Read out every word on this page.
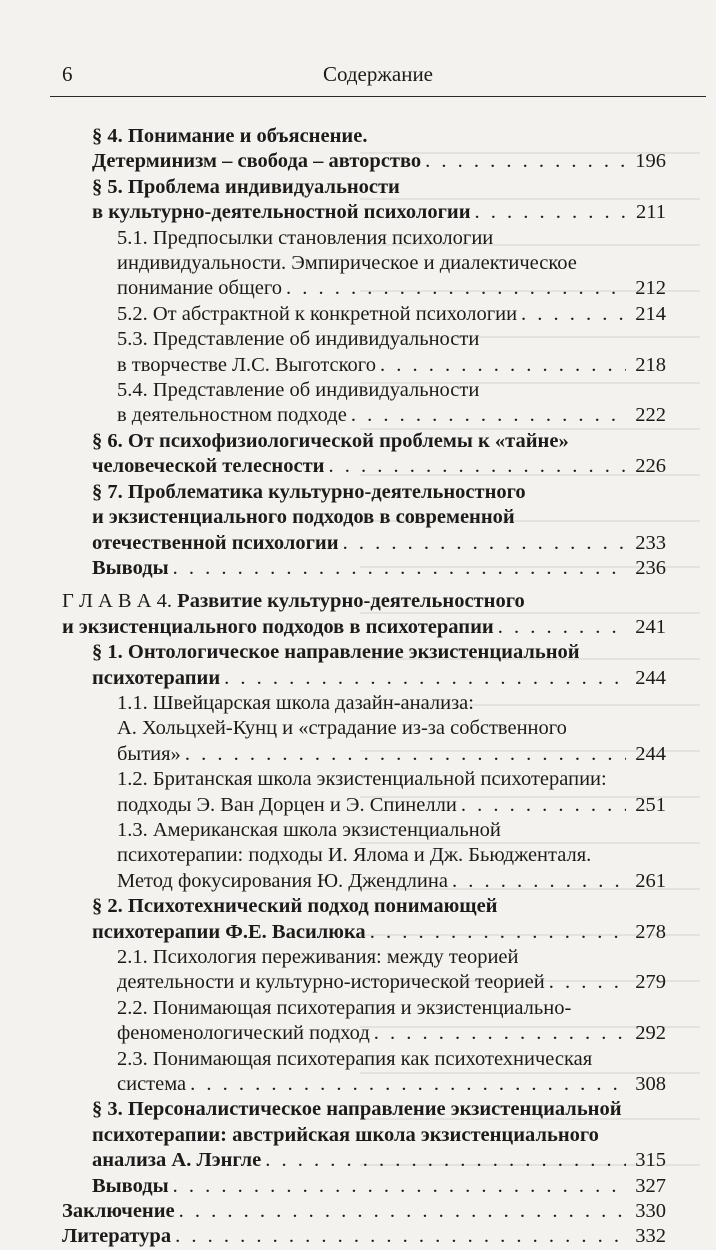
6	Содержание
§ 4. Понимание и объяснение.
Детерминизм – свобода – авторство . . .	196
§ 5. Проблема индивидуальности
в культурно-деятельностной психологии . . .	211
5.1. Предпосылки становления психологии
индивидуальности. Эмпирическое и диалектическое
понимание общего . . .	212
5.2. От абстрактной к конкретной психологии . . .	214
5.3. Представление об индивидуальности
в творчестве Л.С. Выготского . . .	218
5.4. Представление об индивидуальности
в деятельностном подходе . . .	222
§ 6. От психофизиологической проблемы к «тайне»
человеческой телесности . . .	226
§ 7. Проблематика культурно-деятельностного
и экзистенциального подходов в современной
отечественной психологии . . .	233
Выводы . . .	236
Г Л А В А 4. Развитие культурно-деятельностного
и экзистенциального подходов в психотерапии . . .	241
§ 1. Онтологическое направление экзистенциальной
психотерапии . . .	244
1.1. Швейцарская школа дазайн-анализа:
А. Хольцхей-Кунц и «страдание из-за собственного
бытия» . . .	244
1.2. Британская школа экзистенциальной психотерапии:
подходы Э. Ван Дорцен и Э. Спинелли . . .	251
1.3. Американская школа экзистенциальной
психотерапии: подходы И. Ялома и Дж. Бьюдженталя.
Метод фокусирования Ю. Джендлина . . .	261
§ 2. Психотехнический подход понимающей
психотерапии Ф.Е. Василюка . . .	278
2.1. Психология переживания: между теорией
деятельности и культурно-исторической теорией . . .	279
2.2. Понимающая психотерапия и экзистенциально-
феноменологический подход . . .	292
2.3. Понимающая психотерапия как психотехническая
система . . .	308
§ 3. Персоналистическое направление экзистенциальной
психотерапии: австрийская школа экзистенциального
анализа А. Лэнгле . . .	315
Выводы . . .	327
Заключение . . .	330
Литература . . .	332
